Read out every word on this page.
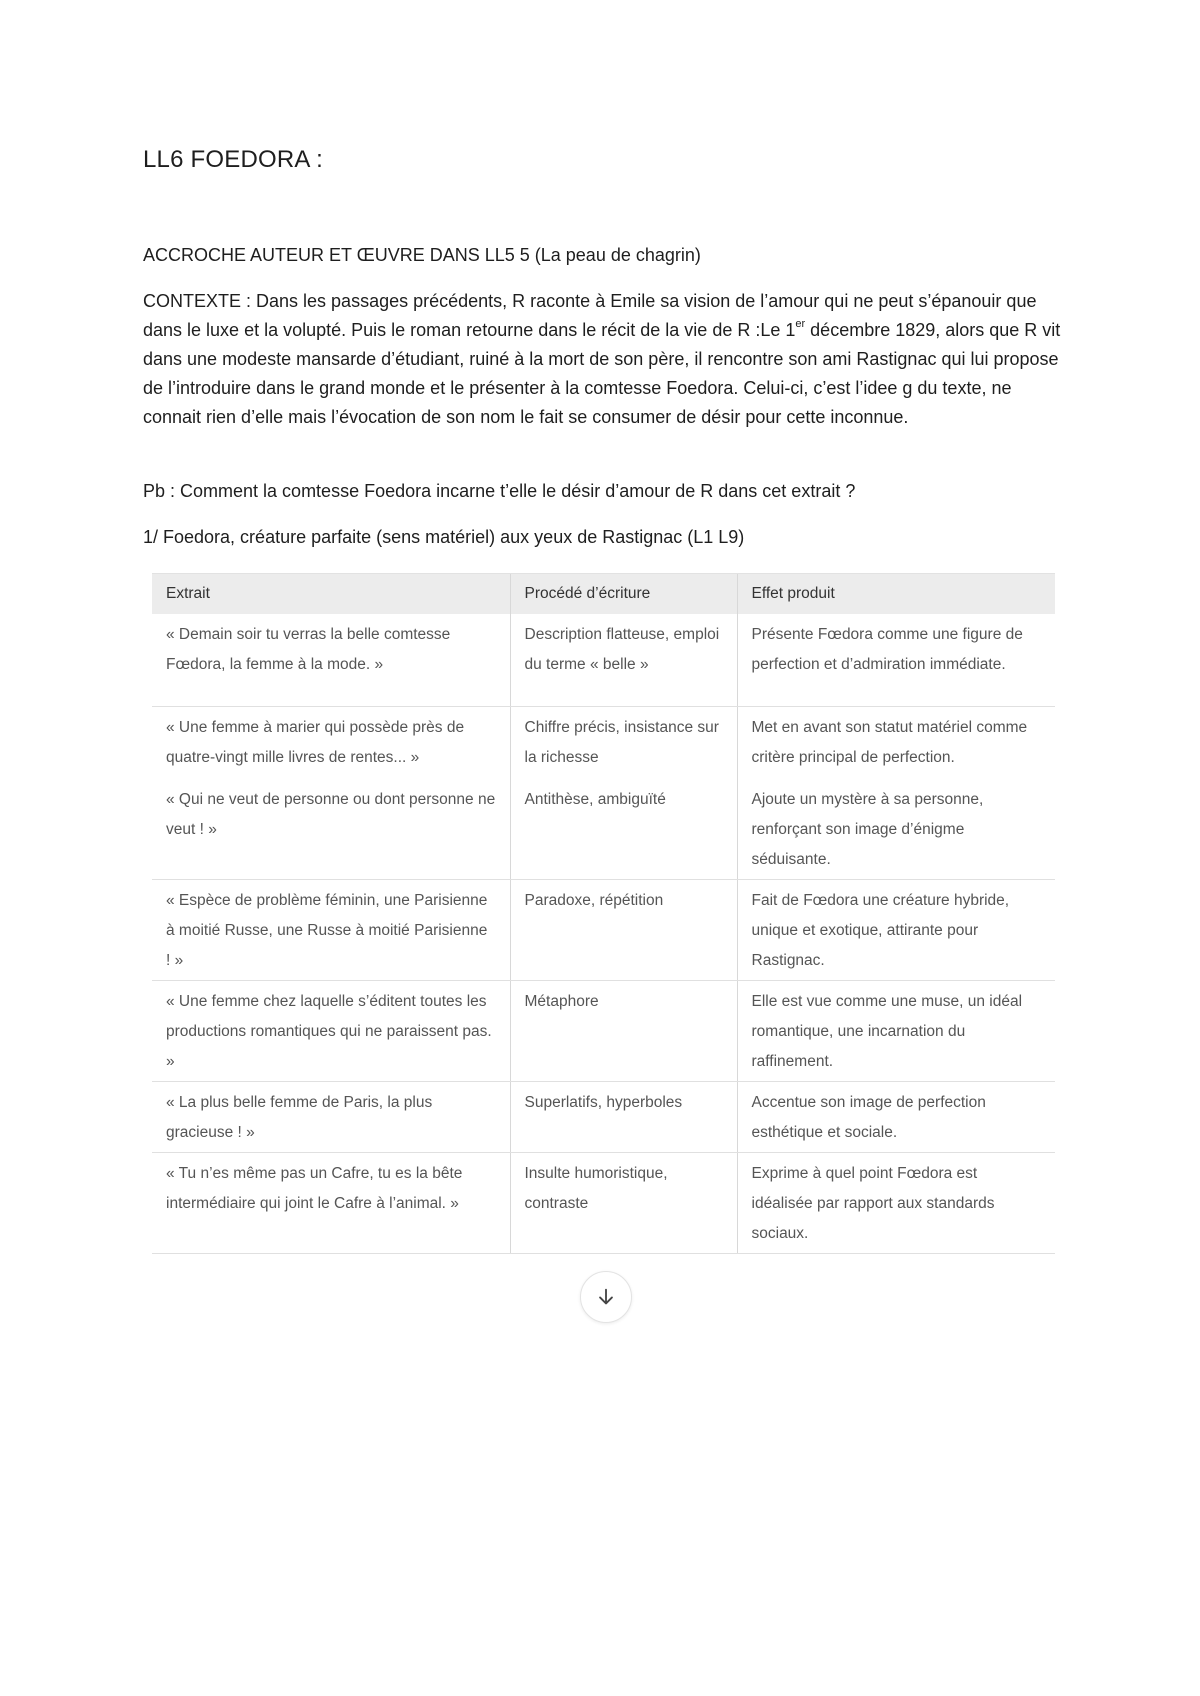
LL6 FOEDORA :

ACCROCHE AUTEUR ET ŒUVRE DANS LL5 5 (La peau de chagrin)

CONTEXTE : Dans les passages précédents, R raconte à Emile sa vision de l’amour qui ne peut s’épanouir que dans le luxe et la volupté. Puis le roman retourne dans le récit de la vie de R :Le 1er décembre 1829, alors que R vit dans une modeste mansarde d’étudiant, ruiné à la mort de son père, il rencontre son ami Rastignac qui lui propose de l’introduire dans le grand monde et le présenter à la comtesse Foedora. Celui-ci, c’est l’idee g du texte, ne connait rien d’elle mais l’évocation de son nom le fait se consumer de désir pour cette inconnue.

Pb : Comment la comtesse Foedora incarne t’elle le désir d’amour de R dans cet extrait ?

1/ Foedora, créature parfaite (sens matériel) aux yeux de Rastignac (L1 L9)

Extrait	Procédé d’écriture	Effet produit
« Demain soir tu verras la belle comtesse Fœdora, la femme à la mode. »	Description flatteuse, emploi du terme « belle »	Présente Fœdora comme une figure de perfection et d’admiration immédiate.
« Une femme à marier qui possède près de quatre-vingt mille livres de rentes... »	Chiffre précis, insistance sur la richesse	Met en avant son statut matériel comme critère principal de perfection.
« Qui ne veut de personne ou dont personne ne veut ! »	Antithèse, ambiguïté	Ajoute un mystère à sa personne, renforçant son image d’énigme séduisante.
« Espèce de problème féminin, une Parisienne à moitié Russe, une Russe à moitié Parisienne ! »	Paradoxe, répétition	Fait de Fœdora une créature hybride, unique et exotique, attirante pour Rastignac.
« Une femme chez laquelle s’éditent toutes les productions romantiques qui ne paraissent pas. »	Métaphore	Elle est vue comme une muse, un idéal romantique, une incarnation du raffinement.
« La plus belle femme de Paris, la plus gracieuse ! »	Superlatifs, hyperboles	Accentue son image de perfection esthétique et sociale.
« Tu n’es même pas un Cafre, tu es la bête intermédiaire qui joint le Cafre à l’animal. »	Insulte humoristique, contraste	Exprime à quel point Fœdora est idéalisée par rapport aux standards sociaux.
